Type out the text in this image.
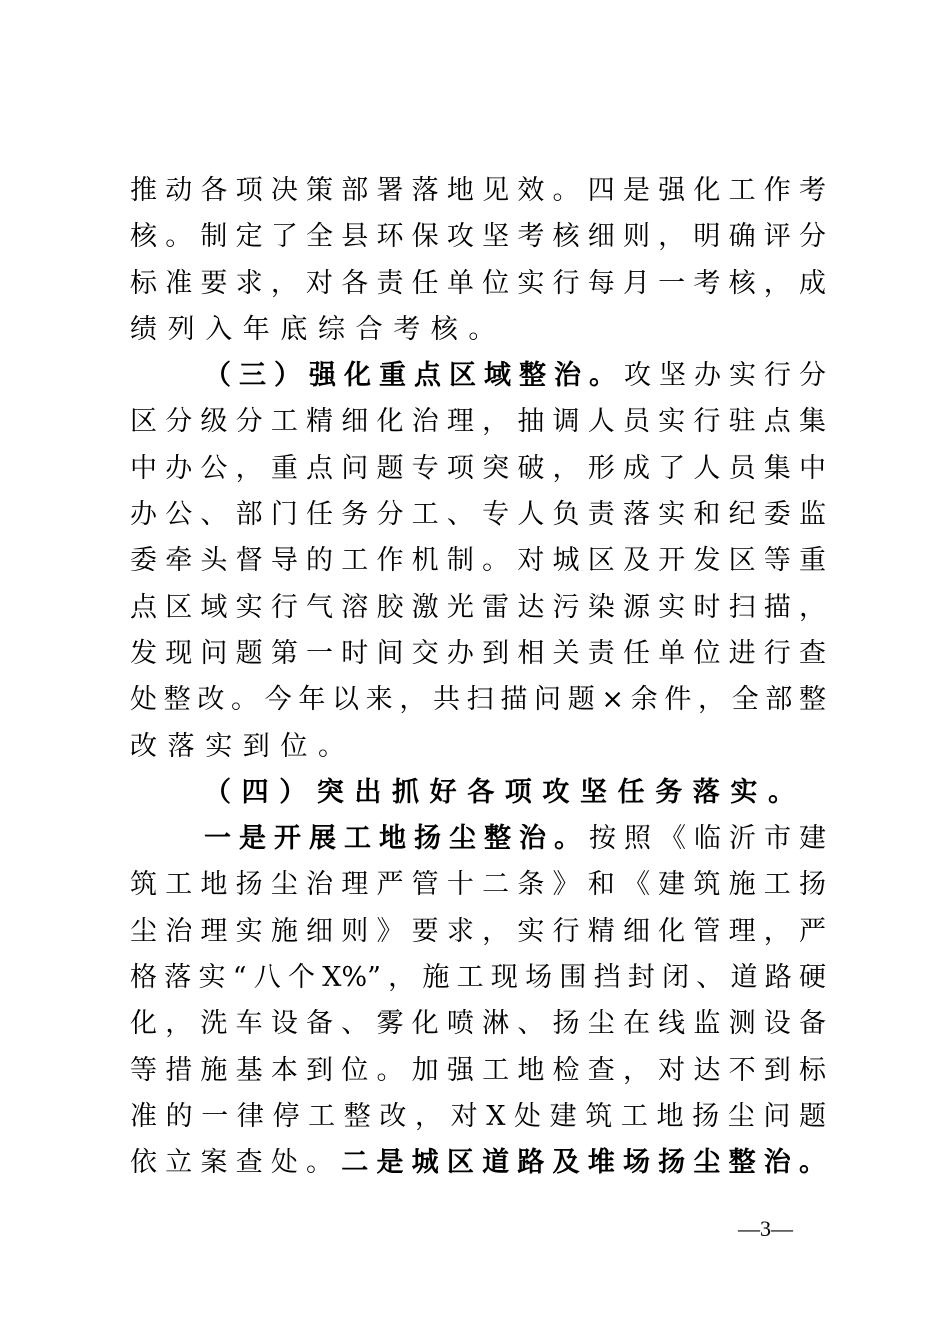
推动各项决策部署落地见效。四是强化工作考
核。制定了全县环保攻坚考核细则，明确评分
标准要求，对各责任单位实行每月一考核，成
绩列入年底综合考核。
（三）强化重点区域整治。攻坚办实行分
区分级分工精细化治理，抽调人员实行驻点集
中办公，重点问题专项突破，形成了人员集中
办公、部门任务分工、专人负责落实和纪委监
委牵头督导的工作机制。对城区及开发区等重
点区域实行气溶胶激光雷达污染源实时扫描，
发现问题第一时间交办到相关责任单位进行查
处整改。今年以来，共扫描问题×余件，全部整
改落实到位。
（四）突出抓好各项攻坚任务落实。
一是开展工地扬尘整治。按照《临沂市建
筑工地扬尘治理严管十二条》和《建筑施工扬
尘治理实施细则》要求，实行精细化管理，严
格落实“八个X%”，施工现场围挡封闭、道路硬
化，洗车设备、雾化喷淋、扬尘在线监测设备
等措施基本到位。加强工地检查，对达不到标
准的一律停工整改，对X处建筑工地扬尘问题
依立案查处。二是城区道路及堆场扬尘整治。
—3—
